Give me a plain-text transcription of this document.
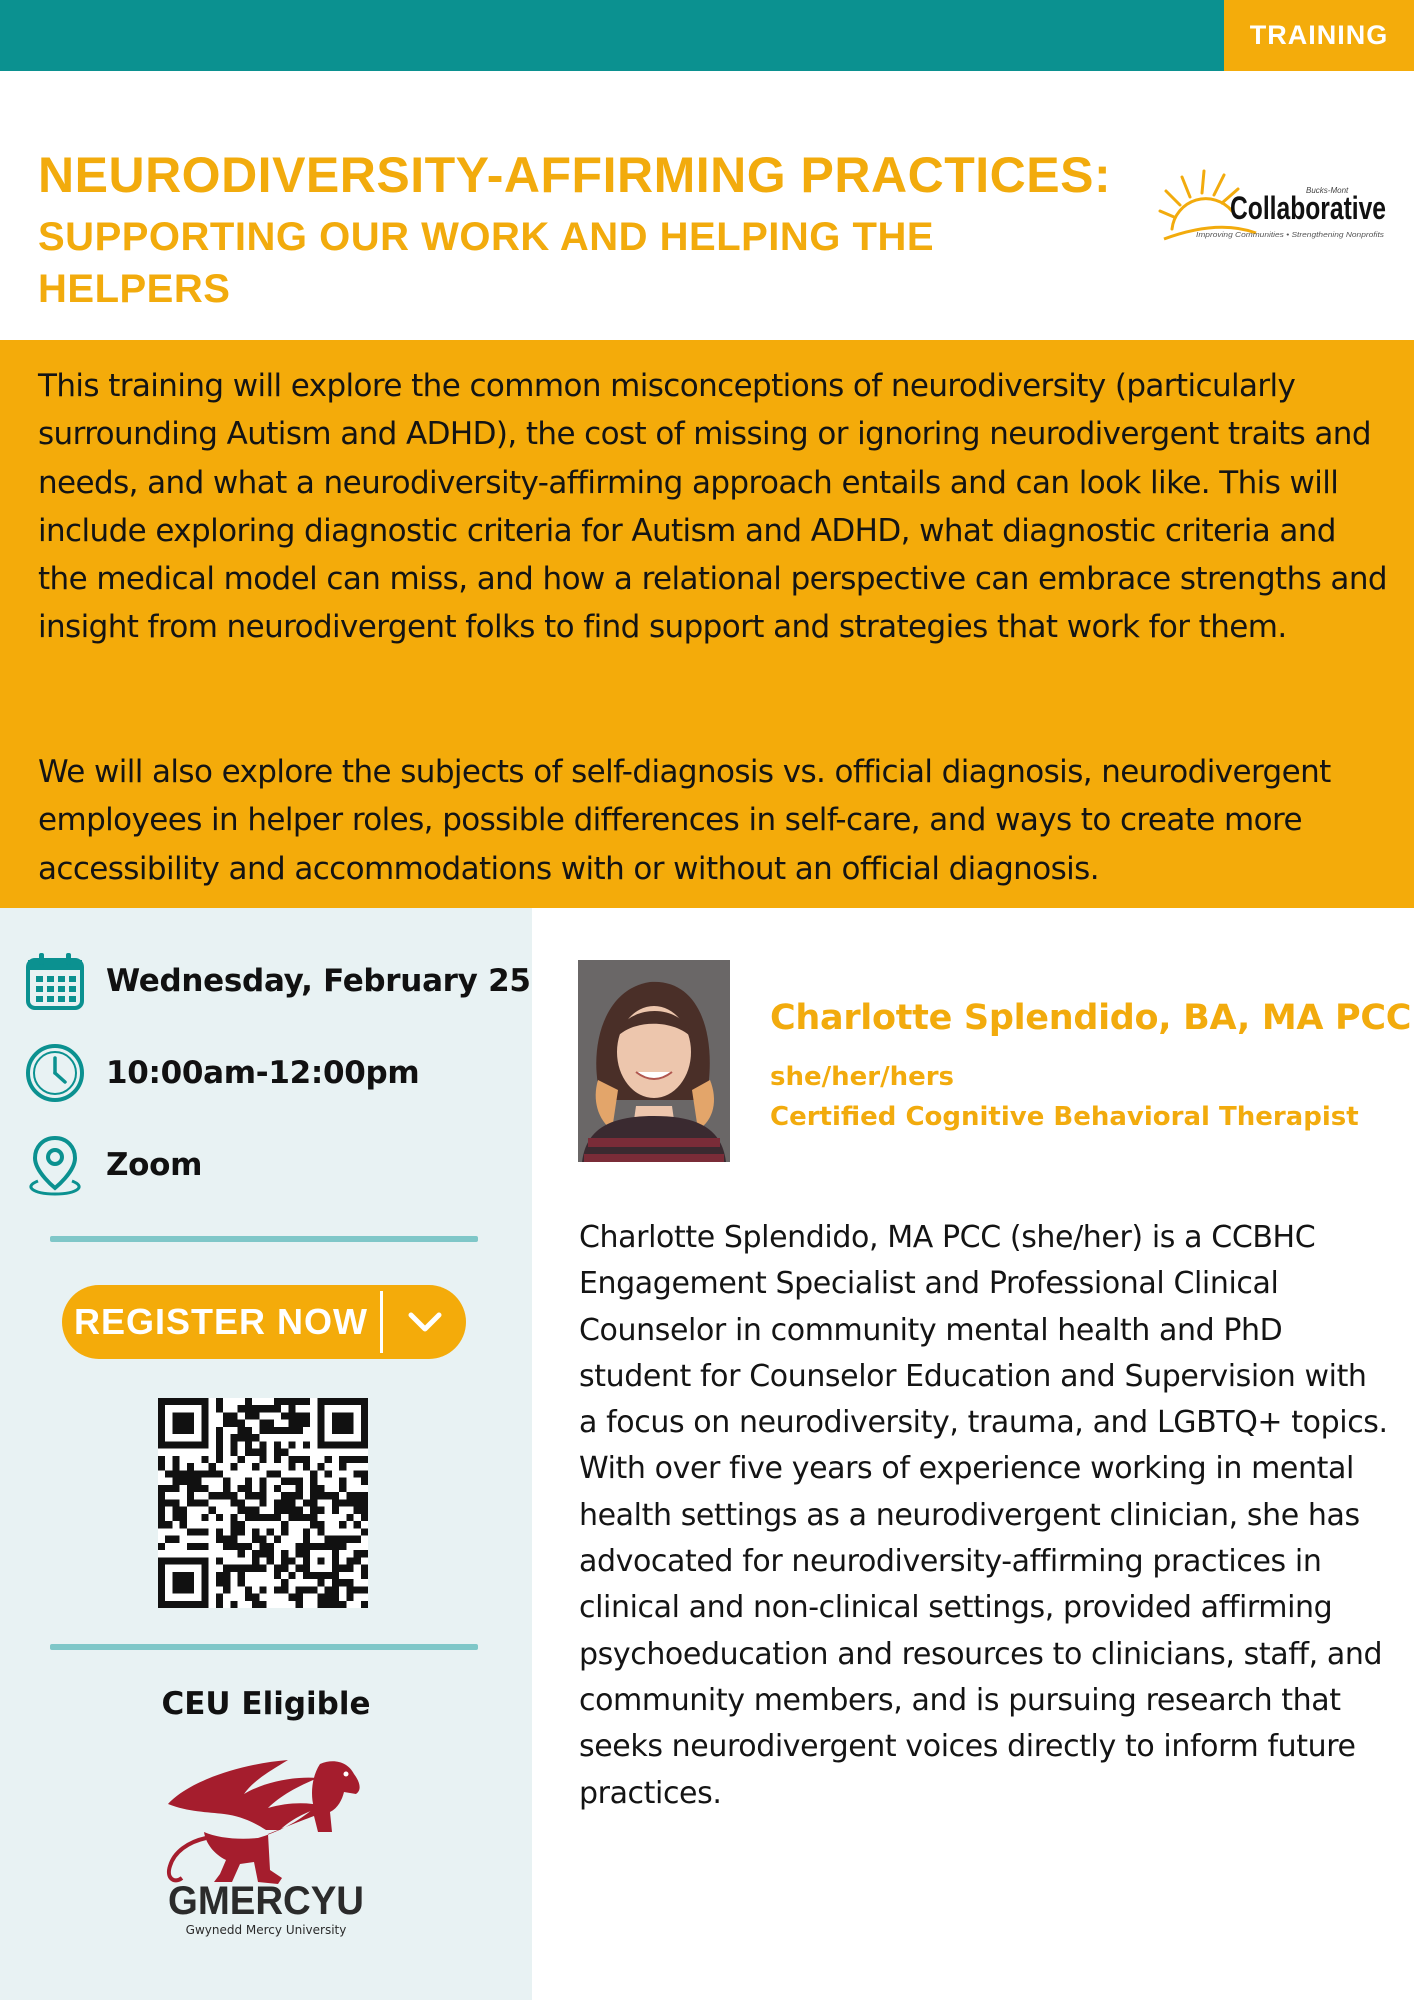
TRAINING
NEURODIVERSITY-AFFIRMING PRACTICES:
SUPPORTING OUR WORK AND HELPING THE HELPERS
Bucks-Mont
Collaborative
Improving Communities • Strengthening Nonprofits

This training will explore the common misconceptions of neurodiversity (particularly surrounding Autism and ADHD), the cost of missing or ignoring neurodivergent traits and needs, and what a neurodiversity-affirming approach entails and can look like. This will include exploring diagnostic criteria for Autism and ADHD, what diagnostic criteria and the medical model can miss, and how a relational perspective can embrace strengths and insight from neurodivergent folks to find support and strategies that work for them.

We will also explore the subjects of self-diagnosis vs. official diagnosis, neurodivergent employees in helper roles, possible differences in self-care, and ways to create more accessibility and accommodations with or without an official diagnosis.

Wednesday, February 25
10:00am-12:00pm
Zoom
REGISTER NOW
CEU Eligible
GMERCYU
Gwynedd Mercy University
Charlotte Splendido, BA, MA PCC
she/her/hers
Certified Cognitive Behavioral Therapist
Charlotte Splendido, MA PCC (she/her) is a CCBHC Engagement Specialist and Professional Clinical Counselor in community mental health and PhD student for Counselor Education and Supervision with a focus on neurodiversity, trauma, and LGBTQ+ topics. With over five years of experience working in mental health settings as a neurodivergent clinician, she has advocated for neurodiversity-affirming practices in clinical and non-clinical settings, provided affirming psychoeducation and resources to clinicians, staff, and community members, and is pursuing research that seeks neurodivergent voices directly to inform future practices.
